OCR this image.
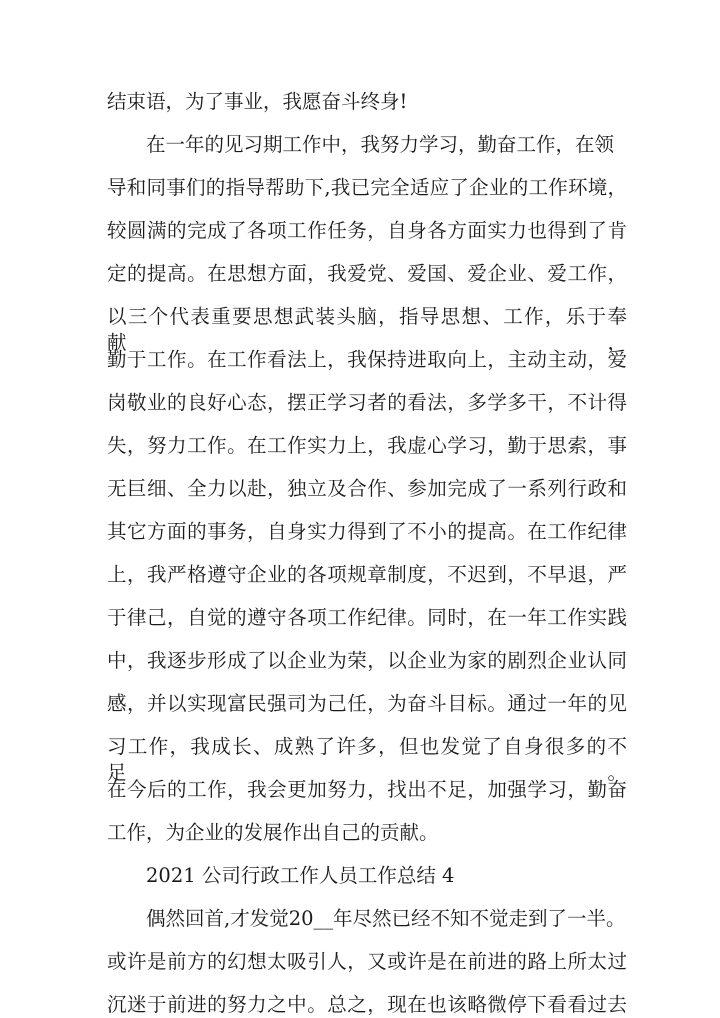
结束语，为了事业，我愿奋斗终身!
在一年的见习期工作中，我努力学习，勤奋工作，在领
导和同事们的指导帮助下,我已完全适应了企业的工作环境，
较圆满的完成了各项工作任务，自身各方面实力也得到了肯
定的提高。在思想方面，我爱党、爱国、爱企业、爱工作，
以三个代表重要思想武装头脑，指导思想、工作，乐于奉献，
勤于工作。在工作看法上，我保持进取向上，主动主动，爱
岗敬业的良好心态，摆正学习者的看法，多学多干，不计得
失，努力工作。在工作实力上，我虚心学习，勤于思索，事
无巨细、全力以赴，独立及合作、参加完成了一系列行政和
其它方面的事务，自身实力得到了不小的提高。在工作纪律
上，我严格遵守企业的各项规章制度，不迟到，不早退，严
于律己，自觉的遵守各项工作纪律。同时，在一年工作实践
中，我逐步形成了以企业为荣，以企业为家的剧烈企业认同
感，并以实现富民强司为己任，为奋斗目标。通过一年的见
习工作，我成长、成熟了许多，但也发觉了自身很多的不足。
在今后的工作，我会更加努力，找出不足，加强学习，勤奋
工作，为企业的发展作出自己的贡献。
2021 公司行政工作人员工作总结 4
偶然回首,才发觉20__年尽然已经不知不觉走到了一半。
或许是前方的幻想太吸引人，又或许是在前进的路上所太过
沉迷于前进的努力之中。总之，现在也该略微停下看看过去
